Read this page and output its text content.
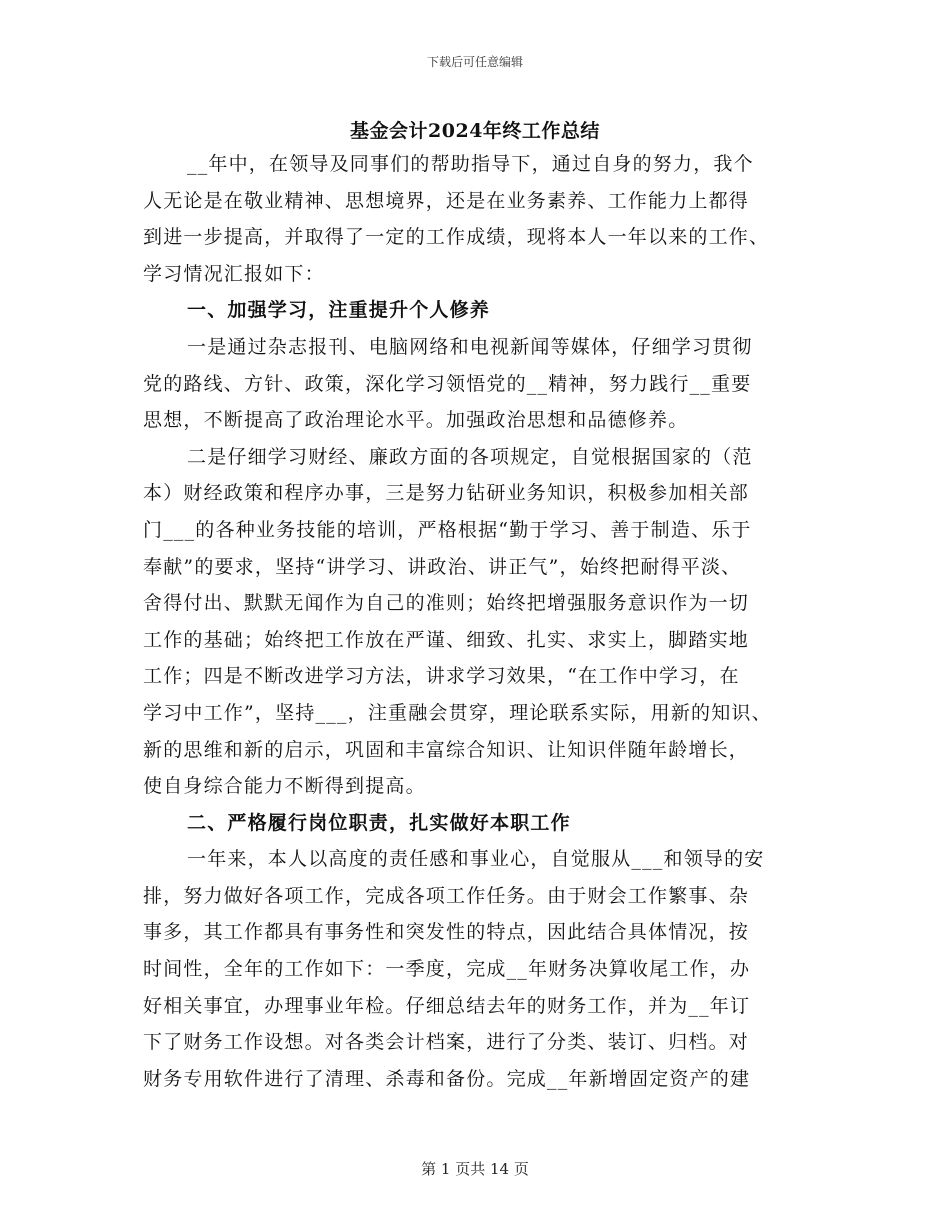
下载后可任意编辑
基金会计2024年终工作总结
__年中，在领导及同事们的帮助指导下，通过自身的努力，我个
人无论是在敬业精神、思想境界，还是在业务素养、工作能力上都得
到进一步提高，并取得了一定的工作成绩，现将本人一年以来的工作、
学习情况汇报如下：
一、加强学习，注重提升个人修养
一是通过杂志报刊、电脑网络和电视新闻等媒体，仔细学习贯彻
党的路线、方针、政策，深化学习领悟党的__精神，努力践行__重要
思想，不断提高了政治理论水平。加强政治思想和品德修养。
二是仔细学习财经、廉政方面的各项规定，自觉根据国家的（范
本）财经政策和程序办事，三是努力钻研业务知识，积极参加相关部
门___的各种业务技能的培训，严格根据“勤于学习、善于制造、乐于
奉献”的要求，坚持“讲学习、讲政治、讲正气”，始终把耐得平淡、
舍得付出、默默无闻作为自己的准则；始终把增强服务意识作为一切
工作的基础；始终把工作放在严谨、细致、扎实、求实上，脚踏实地
工作；四是不断改进学习方法，讲求学习效果，“在工作中学习，在
学习中工作”，坚持___，注重融会贯穿，理论联系实际，用新的知识、
新的思维和新的启示，巩固和丰富综合知识、让知识伴随年龄增长，
使自身综合能力不断得到提高。
二、严格履行岗位职责，扎实做好本职工作
一年来，本人以高度的责任感和事业心，自觉服从___和领导的安
排，努力做好各项工作，完成各项工作任务。由于财会工作繁事、杂
事多，其工作都具有事务性和突发性的特点，因此结合具体情况，按
时间性，全年的工作如下：一季度，完成__年财务决算收尾工作，办
好相关事宜，办理事业年检。仔细总结去年的财务工作，并为__年订
下了财务工作设想。对各类会计档案，进行了分类、装订、归档。对
财务专用软件进行了清理、杀毒和备份。完成__年新增固定资产的建
第 1 页共 14 页
